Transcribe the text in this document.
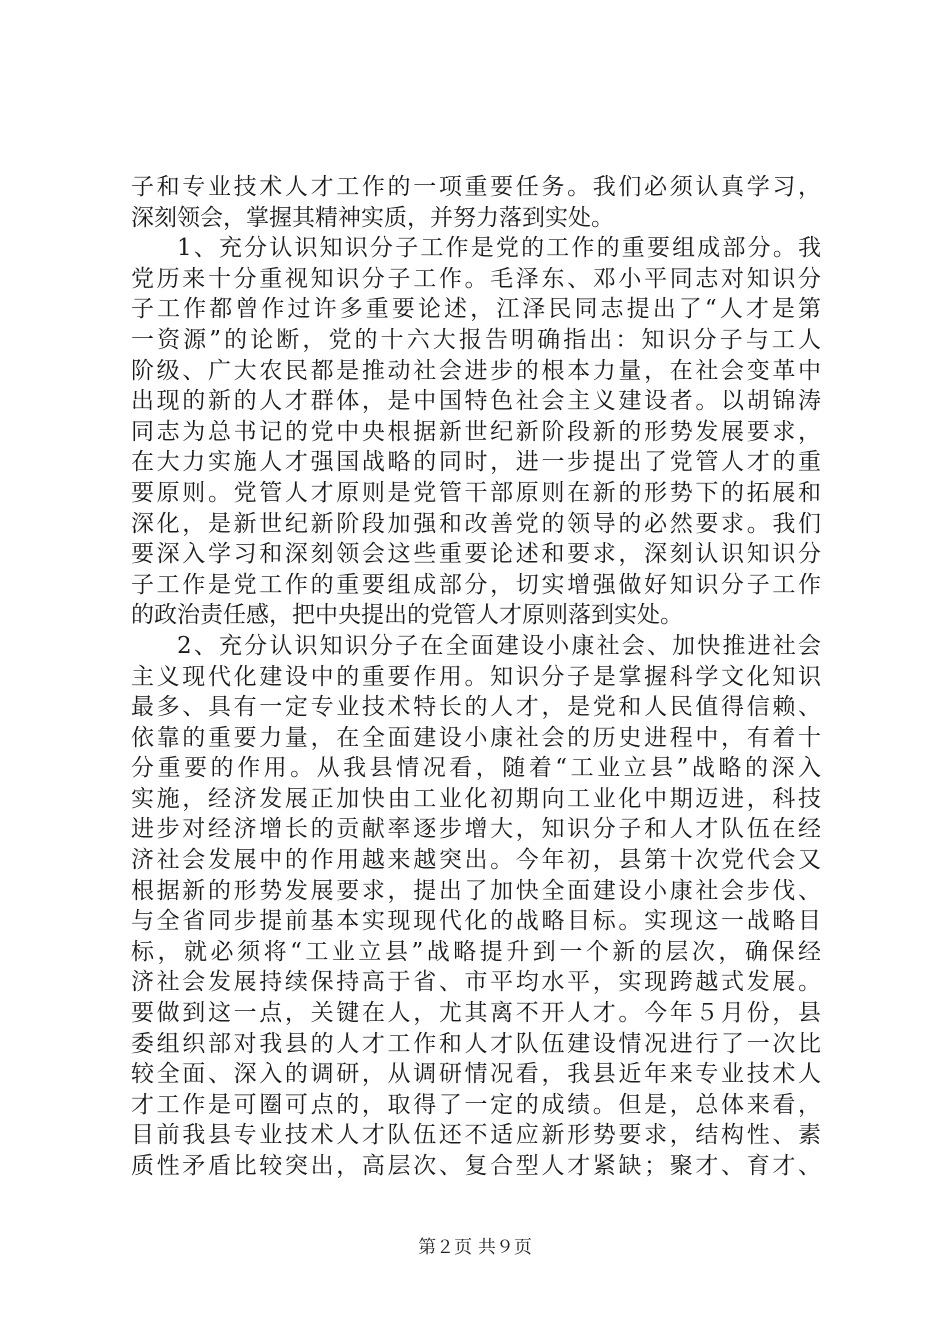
子和专业技术人才工作的一项重要任务。我们必须认真学习，
深刻领会，掌握其精神实质，并努力落到实处。
1、充分认识知识分子工作是党的工作的重要组成部分。我
党历来十分重视知识分子工作。毛泽东、邓小平同志对知识分
子工作都曾作过许多重要论述，江泽民同志提出了“人才是第
一资源”的论断，党的十六大报告明确指出：知识分子与工人
阶级、广大农民都是推动社会进步的根本力量，在社会变革中
出现的新的人才群体，是中国特色社会主义建设者。以胡锦涛
同志为总书记的党中央根据新世纪新阶段新的形势发展要求，
在大力实施人才强国战略的同时，进一步提出了党管人才的重
要原则。党管人才原则是党管干部原则在新的形势下的拓展和
深化，是新世纪新阶段加强和改善党的领导的必然要求。我们
要深入学习和深刻领会这些重要论述和要求，深刻认识知识分
子工作是党工作的重要组成部分，切实增强做好知识分子工作
的政治责任感，把中央提出的党管人才原则落到实处。
2、充分认识知识分子在全面建设小康社会、加快推进社会
主义现代化建设中的重要作用。知识分子是掌握科学文化知识
最多、具有一定专业技术特长的人才，是党和人民值得信赖、
依靠的重要力量，在全面建设小康社会的历史进程中，有着十
分重要的作用。从我县情况看，随着“工业立县”战略的深入
实施，经济发展正加快由工业化初期向工业化中期迈进，科技
进步对经济增长的贡献率逐步增大，知识分子和人才队伍在经
济社会发展中的作用越来越突出。今年初，县第十次党代会又
根据新的形势发展要求，提出了加快全面建设小康社会步伐、
与全省同步提前基本实现现代化的战略目标。实现这一战略目
标，就必须将“工业立县”战略提升到一个新的层次，确保经
济社会发展持续保持高于省、市平均水平，实现跨越式发展。
要做到这一点，关键在人，尤其离不开人才。今年５月份，县
委组织部对我县的人才工作和人才队伍建设情况进行了一次比
较全面、深入的调研，从调研情况看，我县近年来专业技术人
才工作是可圈可点的，取得了一定的成绩。但是，总体来看，
目前我县专业技术人才队伍还不适应新形势要求，结构性、素
质性矛盾比较突出，高层次、复合型人才紧缺；聚才、育才、
第２页 共９页
